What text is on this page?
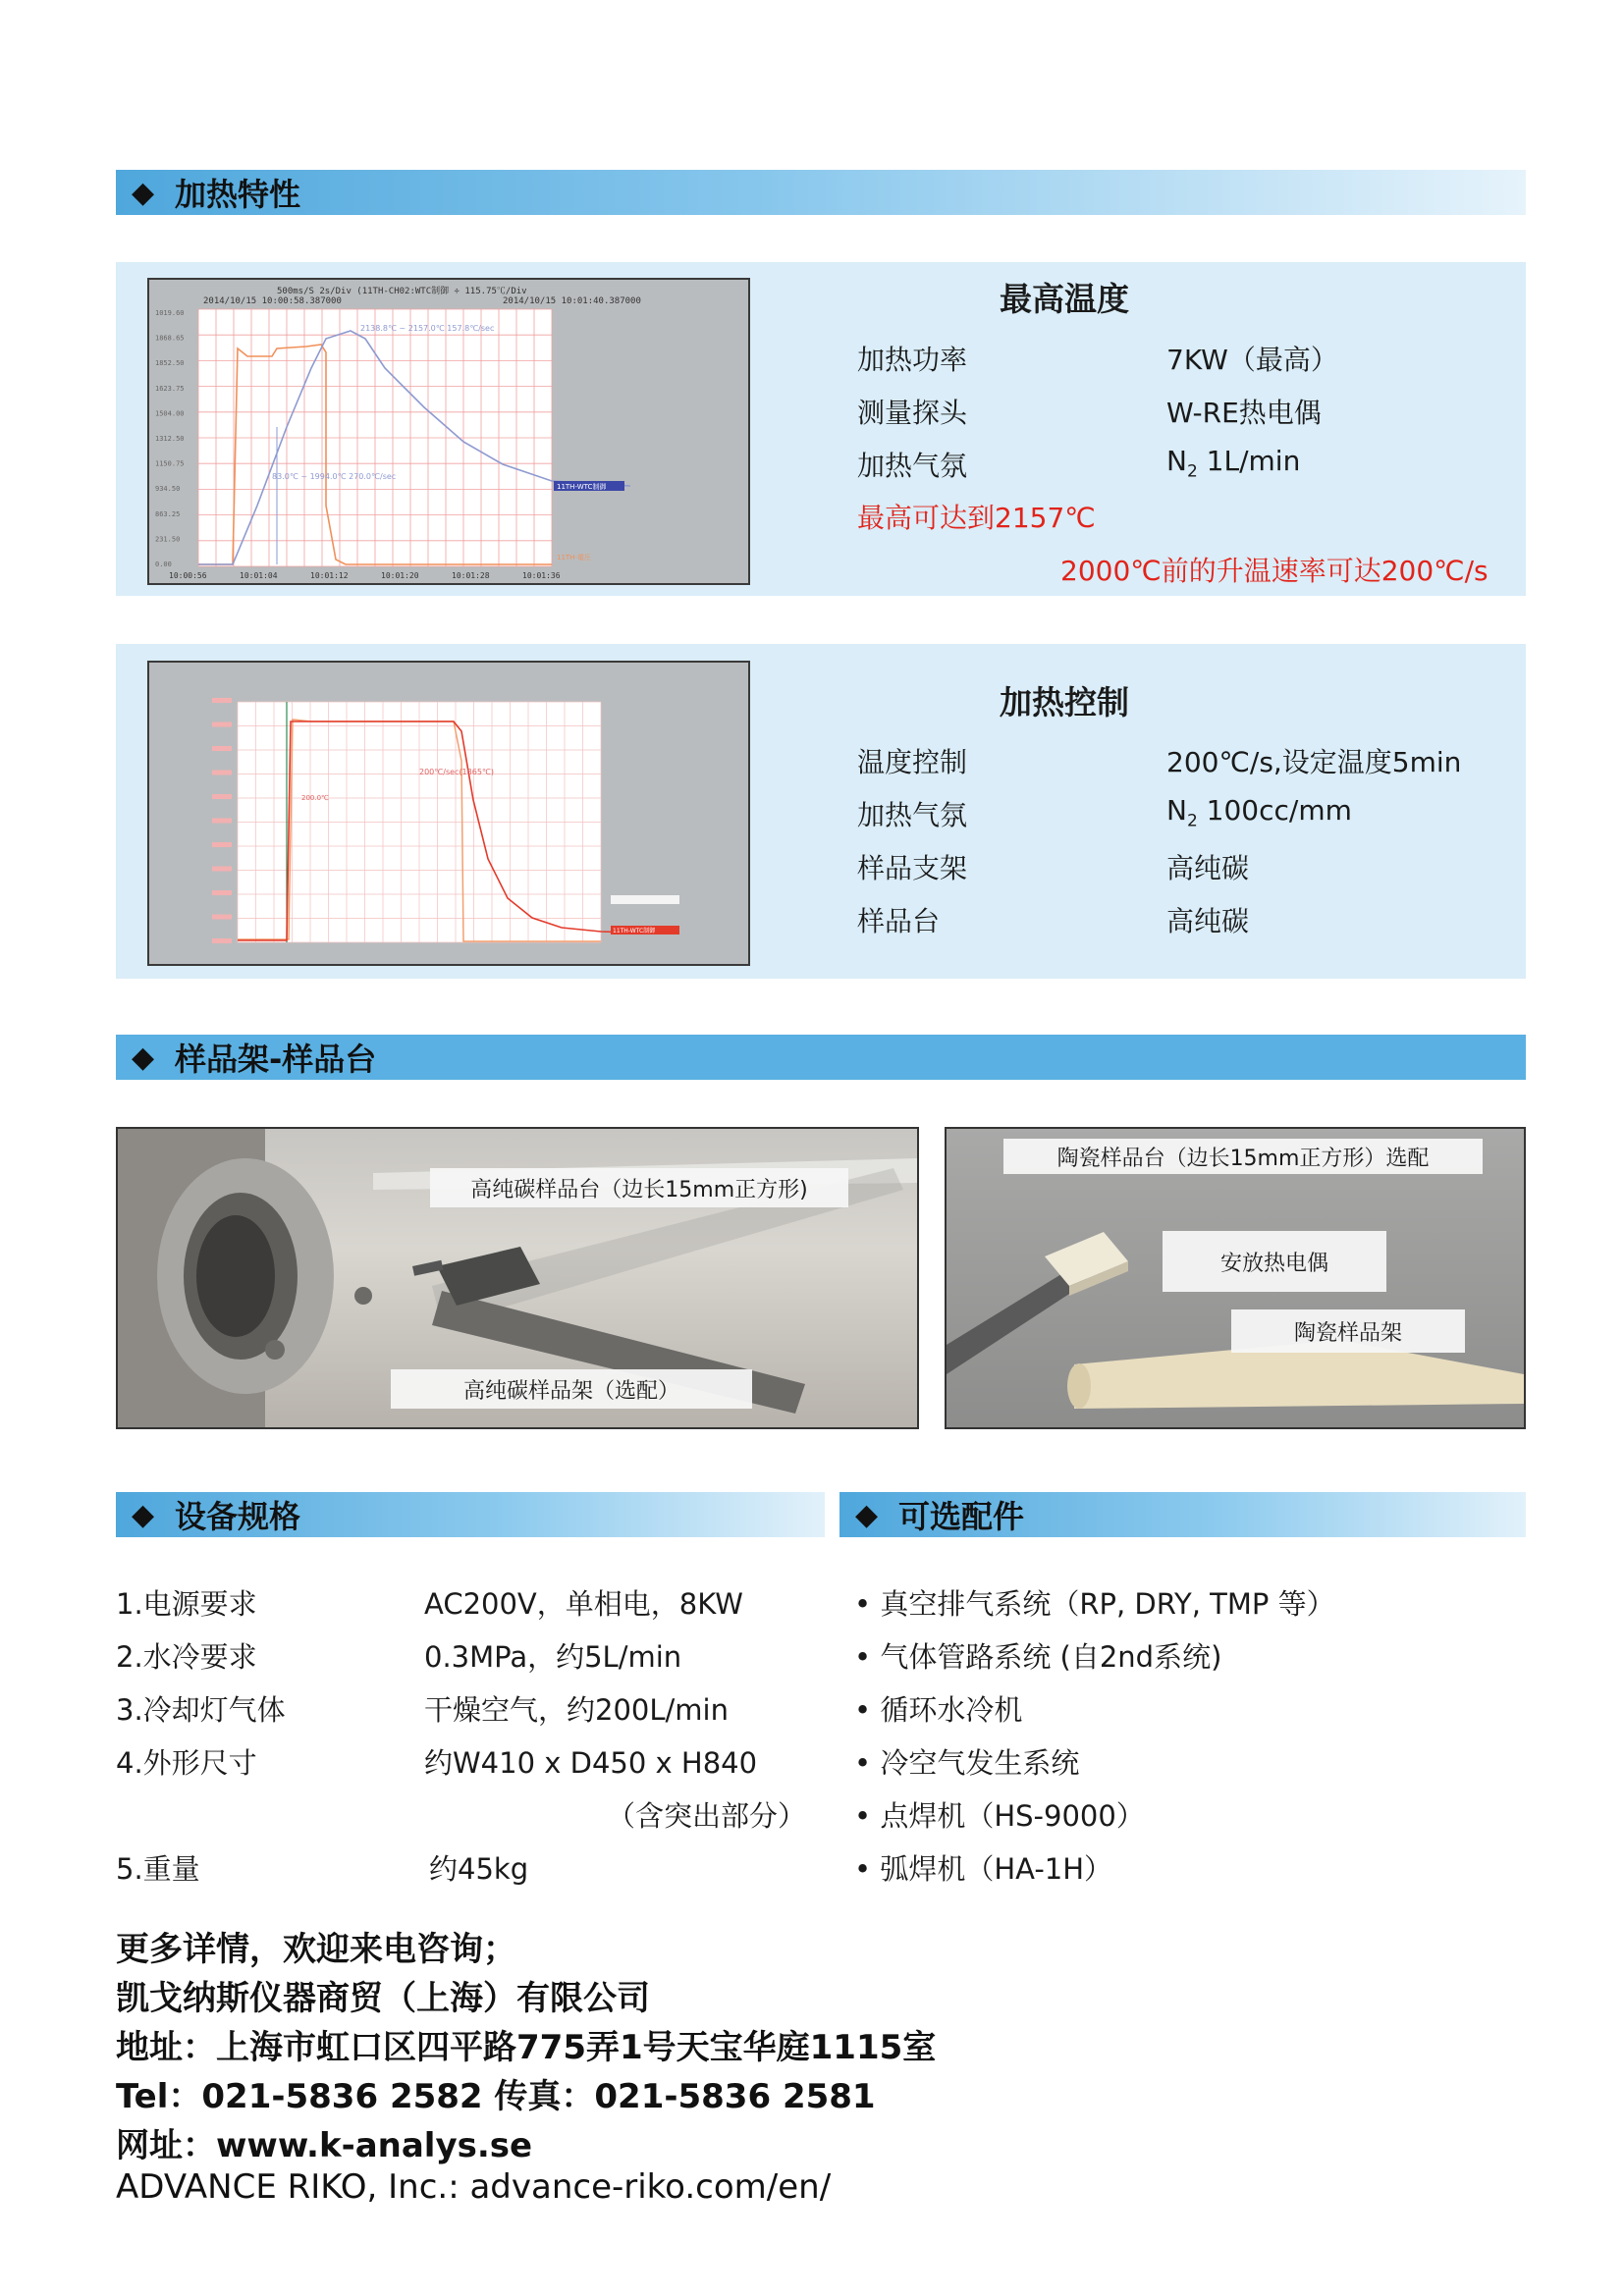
◆ 加热特性
500ms/S 2s/Div (11TH-CH02:WTC制御 ÷ 115.75℃/Div
2014/10/15 10:00:58.387000	2014/10/15 10:01:40.387000
1019.60
1868.65
1852.50
1623.75
1504.00
1312.50
1150.75
934.50
863.25
231.50
0.00
10:00:56	10:01:04	10:01:12	10:01:20	10:01:28	10:01:36
2138.8℃ ~ 2157.0℃ 157.8℃/sec
83.0℃ ~ 1994.0℃ 270.0℃/sec
11TH-WTC制御
11TH-電圧
最高温度
加热功率	7KW（最高）
测量探头	W-RE热电偶
加热气氛	$N_2$ 1L/min
最高可达到2157℃
2000℃前的升温速率可达200℃/s
200℃/sec(1865℃)
200.0℃
11TH-WTC制御
加热控制
温度控制	200℃/s,设定温度5min
加热气氛	$N_2$ 100cc/mm
样品支架	高纯碳
样品台	高纯碳
◆ 样品架-样品台
高纯碳样品台（边长15mm正方形)
高纯碳样品架（选配）
陶瓷样品台（边长15mm正方形）选配
安放热电偶
陶瓷样品架
◆ 设备规格	◆ 可选配件
1.电源要求	AC200V，单相电，8KW
2.水冷要求	0.3MPa，约5L/min
3.冷却灯气体	干燥空气，约200L/min
4.外形尺寸	约W410 x D450 x H840
（含突出部分）
5.重量	约45kg
• 真空排气系统（RP, DRY, TMP 等）
• 气体管路系统 (自2nd系统)
• 循环水冷机
• 冷空气发生系统
• 点焊机（HS-9000）
• 弧焊机（HA-1H）
更多详情，欢迎来电咨询；
凯戈纳斯仪器商贸（上海）有限公司
地址：上海市虹口区四平路775弄1号天宝华庭1115室
Tel：021-5836 2582 传真：021-5836 2581
网址：www.k-analys.se
ADVANCE RIKO, Inc.: advance-riko.com/en/
